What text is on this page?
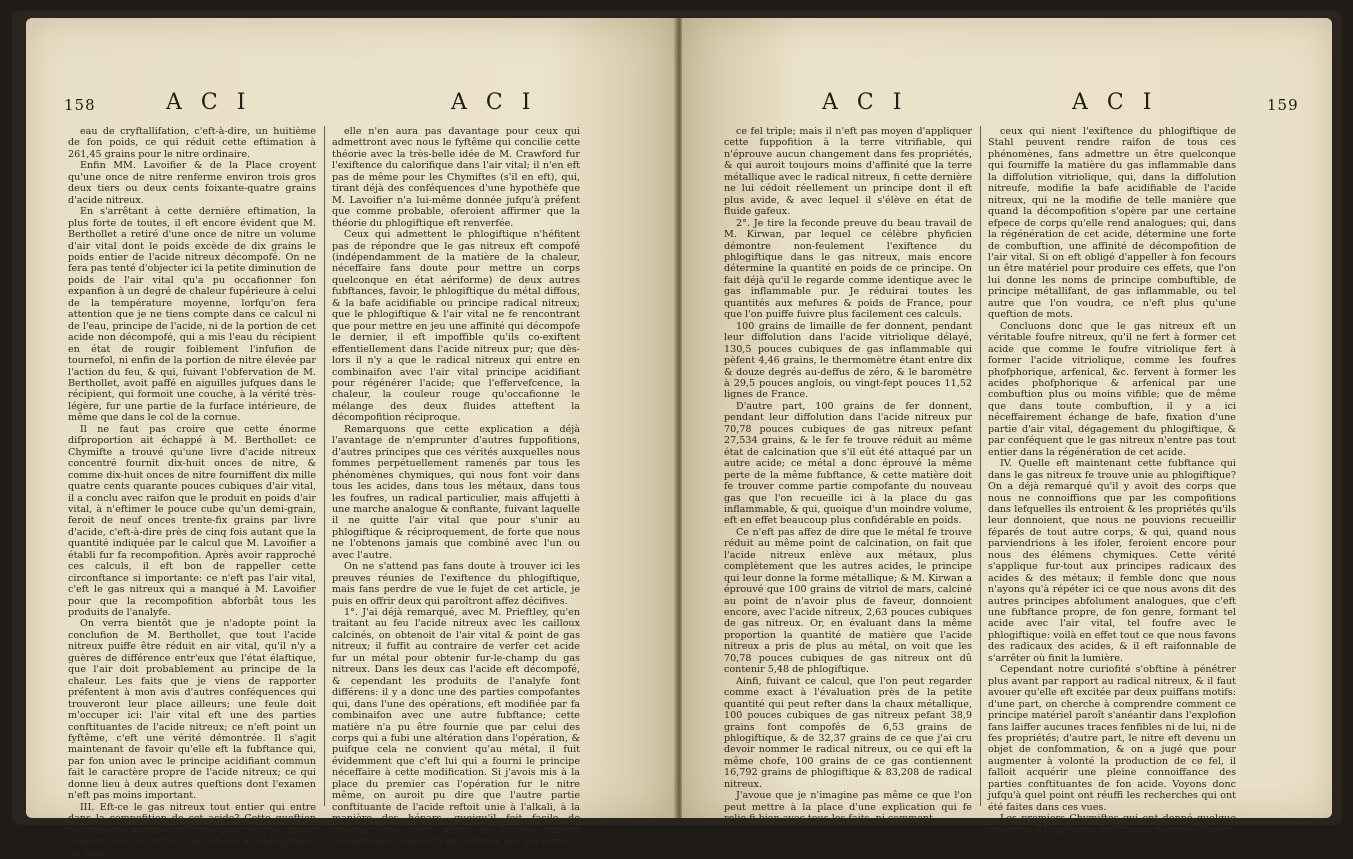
158	A C I	A C I

eau de cryftallifation, c'eft-à-dire, un huitième de fon poids, ce qui réduit cette eftimation à 261,45 grains pour le nitre ordinaire.

Enfin MM. Lavoifier & de la Place croyent qu'une once de nitre renferme environ trois gros deux tiers ou deux cents foixante-quatre grains d'acide nitreux.

En s'arrêtant à cette dernière eftimation, la plus forte de toutes, il eft encore évident que M. Berthollet a retiré d'une once de nitre un volume d'air vital dont le poids excède de dix grains le poids entier de l'acide nitreux décompofé. On ne fera pas tenté d'objecter ici la petite diminution de poids de l'air vital qu'a pu occafionner fon expanfion à un degré de chaleur fupérieure à celui de la température moyenne, lorfqu'on fera attention que je ne tiens compte dans ce calcul ni de l'eau, principe de l'acide, ni de la portion de cet acide non décompofé, qui a mis l'eau du récipient en état de rougir foiblement l'infufion de tournefol, ni enfin de la portion de nitre élevée par l'action du feu, & qui, fuivant l'obfervation de M. Berthollet, avoit paffé en aiguilles jufques dans le récipient, qui formoit une couche, à la vérité très-légère, fur une partie de la furface intérieure, de même que dans le col de la cornue.

Il ne faut pas croire que cette énorme difproportion ait échappé à M. Berthollet: ce Chymifte a trouvé qu'une livre d'acide nitreux concentré fournit dix-huit onces de nitre, & comme dix-huit onces de nitre fourniffent dix mille quatre cents quarante pouces cubiques d'air vital, il a conclu avec raifon que le produit en poids d'air vital, à n'eftimer le pouce cube qu'un demi-grain, feroit de neuf onces trente-fix grains par livre d'acide, c'eft-à-dire près de cinq fois autant que la quantité indiquée par le calcul que M. Lavoifier a établi fur fa recompofition. Après avoir rapproché ces calculs, il eft bon de rappeller cette circonftance si importante: ce n'eft pas l'air vital, c'eft le gas nitreux qui a manqué à M. Lavoifier pour que la recompofition abforbât tous les produits de l'analyfe.

On verra bientôt que je n'adopte point la conclufion de M. Berthollet, que tout l'acide nitreux puiffe être réduit en air vital, qu'il n'y a guères de différence entr'eux que l'état élaftique, que l'air doit probablement au principe de la chaleur. Les faits que je viens de rapporter préfentent à mon avis d'autres conféquences qui trouveront leur place ailleurs; une feule doit m'occuper ici: l'air vital eft une des parties conftituantes de l'acide nitreux; ce n'eft point un fyftême, c'eft une vérité démontrée. Il s'agit maintenant de favoir qu'elle eft la fubftance qui, par fon union avec le principe acidifiant commun fait le caractère propre de l'acide nitreux; ce qui donne lieu à deux autres queftions dont l'examen n'eft pas moins important.

III. Eft-ce le gas nitreux tout entier qui entre dans la compofition de cet acide? Cette queftion ne préfente aucune difficulté pour le plus grand nombre des Chymiftes, qui admet le phlogiftique de Stahl;

elle n'en aura pas davantage pour ceux qui admettront avec nous le fyftême qui concilie cette théorie avec la très-belle idée de M. Crawford fur l'exiftence du calorifique dans l'air vital; il n'en eft pas de même pour les Chymiftes (s'il en eft), qui, tirant déjà des conféquences d'une hypothèfe que M. Lavoifier n'a lui-même donnée jufqu'à préfent que comme probable, oferoient affirmer que la théorie du phlogiftique eft renverfée.

Ceux qui admettent le phlogiftique n'héfitent pas de répondre que le gas nitreux eft compofé (indépendamment de la matière de la chaleur, néceffaire fans doute pour mettre un corps quelconque en état aériforme) de deux autres fubftances, favoir, le phlogiftique du métal diffous, & la bafe acidifiable ou principe radical nitreux; que le phlogiftique & l'air vital ne fe rencontrant que pour mettre en jeu une affinité qui décompofe le dernier, il eft impoffible qu'ils co-exiftent effentiellement dans l'acide nitreux pur; que dès-lors il n'y a que le radical nitreux qui entre en combinaifon avec l'air vital principe acidifiant pour régénérer l'acide; que l'effervefcence, la chaleur, la couleur rouge qu'occafionne le mélange des deux fluides atteftent la décompofition réciproque.

Remarquons que cette explication a déjà l'avantage de n'emprunter d'autres fuppofitions, d'autres principes que ces vérités auxquelles nous fommes perpétuellement ramenés par tous les phénomènes chymiques, qui nous font voir dans tous les acides, dans tous les métaux, dans tous les foufres, un radical particulier, mais affujetti à une marche analogue & conftante, fuivant laquelle il ne quitte l'air vital que pour s'unir au phlogiftique & réciproquement, de forte que nous ne l'obtenons jamais que combiné avec l'un ou avec l'autre.

On ne s'attend pas fans doute à trouver ici les preuves réunies de l'exiftence du phlogiftique, mais fans perdre de vue le fujet de cet article, je puis en offrir deux qui paroîtront affez décifives.

1°. J'ai déjà remarqué, avec M. Prieftley, qu'en traitant au feu l'acide nitreux avec les cailloux calcinés, on obtenoit de l'air vital & point de gas nitreux; il fuffit au contraire de verfer cet acide fur un métal pour obtenir fur-le-champ du gas nitreux. Dans les deux cas l'acide eft décompofé, & cependant les produits de l'analyfe font différens: il y a donc une des parties compofantes qui, dans l'une des opérations, eft modifiée par fa combinaifon avec une autre fubftance; cette matière n'a pu être fournie que par celui des corps qui a fubi une altération dans l'opération, & puifque cela ne convient qu'au métal, il fuit évidemment que c'eft lui qui a fourni le principe néceffaire à cette modification. Si j'avois mis à la place du premier cas l'opération fur le nitre même, on auroit pu dire que l'autre partie conftituante de l'acide reftoit unie à l'alkali, à la manière des hépars, quoiqu'il foit facile de prouver que c'eft alors de l'acide nitreux phlogiftiqué, & non du gas nitreux pur qui forme

A C I	A C I	159

ce fel triple; mais il n'eft pas moyen d'appliquer cette fuppofition à la terre vitrifiable, qui n'éprouve aucun changement dans fes propriétés, & qui auroit toujours moins d'affinité que la terre métallique avec le radical nitreux, fi cette dernière ne lui cédoit réellement un principe dont il eft plus avide, & avec lequel il s'élève en état de fluide gafeux.

2°. Je tire la feconde preuve du beau travail de M. Kirwan, par lequel ce célèbre phyficien démontre non-feulement l'exiftence du phlogiftique dans le gas nitreux, mais encore détermine la quantité en poids de ce principe. On fait déjà qu'il le regarde comme identique avec le gas inflammable pur. Je réduirai toutes les quantités aux mefures & poids de France, pour que l'on puiffe fuivre plus facilement ces calculs.

100 grains de limaille de fer donnent, pendant leur diffolution dans l'acide vitriolique délayé, 130,5 pouces cubiques de gas inflammable qui pèfent 4,46 grains, le thermomètre étant entre dix & douze degrés au-deffus de zéro, & le baromètre à 29,5 pouces anglois, ou vingt-fept pouces 11,52 lignes de France.

D'autre part, 100 grains de fer donnent, pendant leur diffolution dans l'acide nitreux pur 70,78 pouces cubiques de gas nitreux pefant 27,534 grains, & le fer fe trouve réduit au même état de calcination que s'il eût été attaqué par un autre acide; ce métal a donc éprouvé la même perte de la même fubftance, & cette matière doit fe trouver comme partie compofante du nouveau gas que l'on recueille ici à la place du gas inflammable, & qui, quoique d'un moindre volume, eft en effet beaucoup plus confidérable en poids.

Ce n'eft pas affez de dire que le métal fe trouve réduit au même point de calcination, on fait que l'acide nitreux enlève aux métaux, plus complètement que les autres acides, le principe qui leur donne la forme métallique; & M. Kirwan a éprouvé que 100 grains de vitriol de mars, calciné au point de n'avoir plus de faveur, donnoient encore, avec l'acide nitreux, 2,63 pouces cubiques de gas nitreux. Or, en évaluant dans la même proportion la quantité de matière que l'acide nitreux a pris de plus au métal, on voit que les 70,78 pouces cubiques de gas nitreux ont dû contenir 5,48 de phlogiftique.

Ainfi, fuivant ce calcul, que l'on peut regarder comme exact à l'évaluation près de la petite quantité qui peut refter dans la chaux métallique, 100 pouces cubiques de gas nitreux pefant 38,9 grains font compofés de 6,53 grains de phlogiftique, & de 32,37 grains de ce que j'ai cru devoir nommer le radical nitreux, ou ce qui eft la même chofe, 100 grains de ce gas contiennent 16,792 grains de phlogiftique & 83,208 de radical nitreux.

J'avoue que je n'imagine pas même ce que l'on peut mettre à la place d'une explication qui fe relie fi bien avec tous les faits, ni comment

ceux qui nient l'exiftence du phlogiftique de Stahl peuvent rendre raifon de tous ces phénomènes, fans admettre un être quelconque qui fourniffe la matière du gas inflammable dans la diffolution vitriolique, qui, dans la diffolution nitreufe, modifie la bafe acidifiable de l'acide nitreux, qui ne la modifie de telle manière que quand la décompofition s'opère par une certaine efpece de corps qu'elle rend analogues; qui, dans la régénération de cet acide, détermine une forte de combuftion, une affinité de décompofition de l'air vital. Si on eft obligé d'appeller à fon fecours un être matériel pour produire ces effets, que l'on lui donne les noms de principe combuftible, de principe métallifant, de gas inflammable, ou tel autre que l'on voudra, ce n'eft plus qu'une queftion de mots.

Concluons donc que le gas nitreux eft un véritable foufre nitreux, qu'il ne fert à former cet acide que comme le foufre vitriolique fert à former l'acide vitriolique, comme les foufres phofphorique, arfenical, &c. fervent à former les acides phofphorique & arfenical par une combuftion plus ou moins vifible; que de même que dans toute combuftion, il y a ici néceffairement échange de bafe, fixation d'une partie d'air vital, dégagement du phlogiftique, & par conféquent que le gas nitreux n'entre pas tout entier dans la régénération de cet acide.

IV. Quelle eft maintenant cette fubftance qui dans le gas nitreux fe trouve unie au phlogiftique? On a déjà remarqué qu'il y avoit des corps que nous ne connoiffions que par les compofitions dans lefquelles ils entroient & les propriétés qu'ils leur donnoient, que nous ne pouvions recueillir féparés de tout autre corps, & qui, quand nous parviendrions à les ifoler, feroient encore pour nous des élémens chymiques. Cette vérité s'applique fur-tout aux principes radicaux des acides & des métaux; il femble donc que nous n'ayons qu'à répéter ici ce que nous avons dit des autres principes abfolument analogues, que c'eft une fubftance propre, de fon genre, formant tel acide avec l'air vital, tel foufre avec le phlogiftique: voilà en effet tout ce que nous favons des radicaux des acides, & il eft raifonnable de s'arrêter où finit la lumière.

Cependant notre curiofité s'obftine à pénétrer plus avant par rapport au radical nitreux, & il faut avouer qu'elle eft excitée par deux puiffans motifs: d'une part, on cherche à comprendre comment ce principe matériel paroît s'anéantir dans l'explofion fans laiffer aucunes traces fenfibles ni de lui, ni de fes propriétés; d'autre part, le nitre eft devenu un objet de confommation, & on a jugé que pour augmenter à volonté la production de ce fel, il falloit acquérir une pleine connoiffance des parties conftituantes de fon acide. Voyons donc jufqu'à quel point ont réuffi les recherches qui ont été faites dans ces vues.

Les premiers Chymiftes qui ont donné quelque attention à l'opération du Clyssus de nitre (Voyez
